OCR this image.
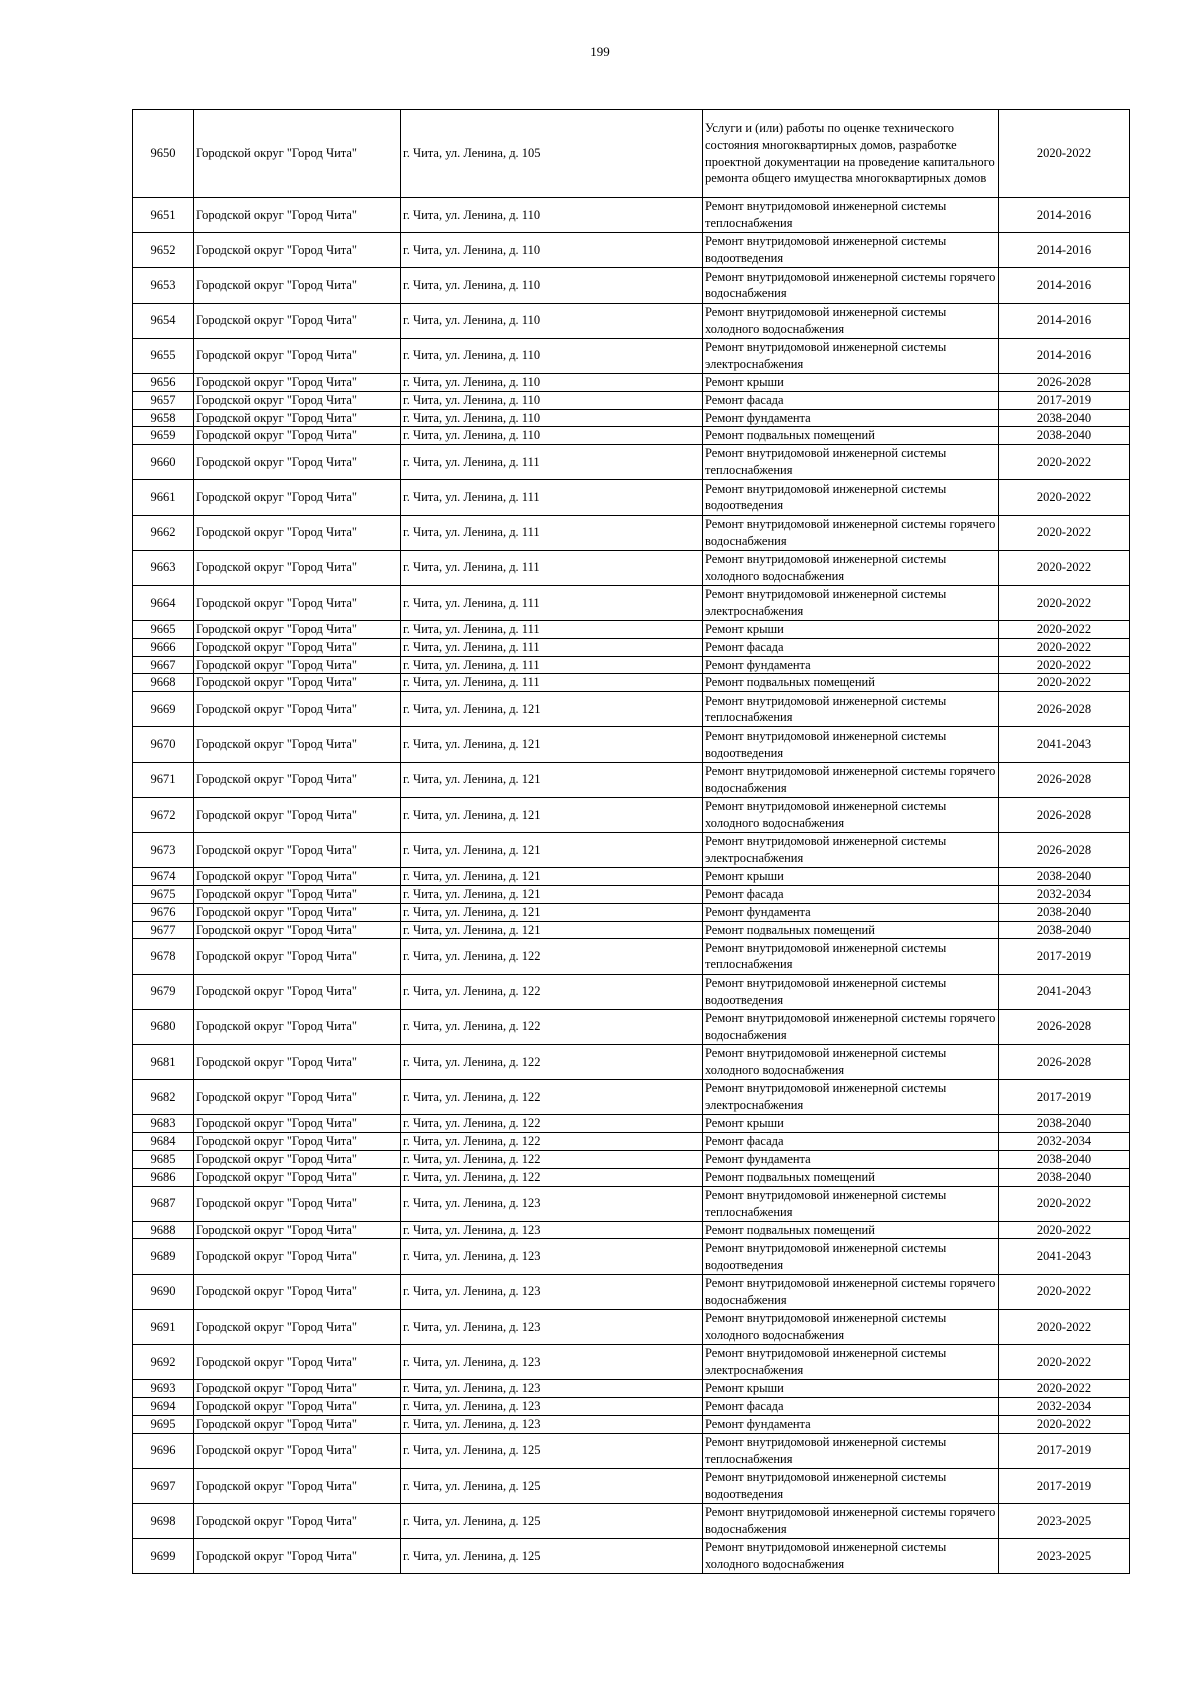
199
9650	Городской округ "Город Чита"	г. Чита, ул. Ленина, д. 105	Услуги и (или) работы по оценке технического состояния многоквартирных домов, разработке проектной документации на проведение капитального ремонта общего имущества многоквартирных домов	2020-2022
9651	Городской округ "Город Чита"	г. Чита, ул. Ленина, д. 110	Ремонт внутридомовой инженерной системы теплоснабжения	2014-2016
9652	Городской округ "Город Чита"	г. Чита, ул. Ленина, д. 110	Ремонт внутридомовой инженерной системы водоотведения	2014-2016
9653	Городской округ "Город Чита"	г. Чита, ул. Ленина, д. 110	Ремонт внутридомовой инженерной системы горячего водоснабжения	2014-2016
9654	Городской округ "Город Чита"	г. Чита, ул. Ленина, д. 110	Ремонт внутридомовой инженерной системы холодного водоснабжения	2014-2016
9655	Городской округ "Город Чита"	г. Чита, ул. Ленина, д. 110	Ремонт внутридомовой инженерной системы электроснабжения	2014-2016
9656	Городской округ "Город Чита"	г. Чита, ул. Ленина, д. 110	Ремонт крыши	2026-2028
9657	Городской округ "Город Чита"	г. Чита, ул. Ленина, д. 110	Ремонт фасада	2017-2019
9658	Городской округ "Город Чита"	г. Чита, ул. Ленина, д. 110	Ремонт фундамента	2038-2040
9659	Городской округ "Город Чита"	г. Чита, ул. Ленина, д. 110	Ремонт подвальных помещений	2038-2040
9660	Городской округ "Город Чита"	г. Чита, ул. Ленина, д. 111	Ремонт внутридомовой инженерной системы теплоснабжения	2020-2022
9661	Городской округ "Город Чита"	г. Чита, ул. Ленина, д. 111	Ремонт внутридомовой инженерной системы водоотведения	2020-2022
9662	Городской округ "Город Чита"	г. Чита, ул. Ленина, д. 111	Ремонт внутридомовой инженерной системы горячего водоснабжения	2020-2022
9663	Городской округ "Город Чита"	г. Чита, ул. Ленина, д. 111	Ремонт внутридомовой инженерной системы холодного водоснабжения	2020-2022
9664	Городской округ "Город Чита"	г. Чита, ул. Ленина, д. 111	Ремонт внутридомовой инженерной системы электроснабжения	2020-2022
9665	Городской округ "Город Чита"	г. Чита, ул. Ленина, д. 111	Ремонт крыши	2020-2022
9666	Городской округ "Город Чита"	г. Чита, ул. Ленина, д. 111	Ремонт фасада	2020-2022
9667	Городской округ "Город Чита"	г. Чита, ул. Ленина, д. 111	Ремонт фундамента	2020-2022
9668	Городской округ "Город Чита"	г. Чита, ул. Ленина, д. 111	Ремонт подвальных помещений	2020-2022
9669	Городской округ "Город Чита"	г. Чита, ул. Ленина, д. 121	Ремонт внутридомовой инженерной системы теплоснабжения	2026-2028
9670	Городской округ "Город Чита"	г. Чита, ул. Ленина, д. 121	Ремонт внутридомовой инженерной системы водоотведения	2041-2043
9671	Городской округ "Город Чита"	г. Чита, ул. Ленина, д. 121	Ремонт внутридомовой инженерной системы горячего водоснабжения	2026-2028
9672	Городской округ "Город Чита"	г. Чита, ул. Ленина, д. 121	Ремонт внутридомовой инженерной системы холодного водоснабжения	2026-2028
9673	Городской округ "Город Чита"	г. Чита, ул. Ленина, д. 121	Ремонт внутридомовой инженерной системы электроснабжения	2026-2028
9674	Городской округ "Город Чита"	г. Чита, ул. Ленина, д. 121	Ремонт крыши	2038-2040
9675	Городской округ "Город Чита"	г. Чита, ул. Ленина, д. 121	Ремонт фасада	2032-2034
9676	Городской округ "Город Чита"	г. Чита, ул. Ленина, д. 121	Ремонт фундамента	2038-2040
9677	Городской округ "Город Чита"	г. Чита, ул. Ленина, д. 121	Ремонт подвальных помещений	2038-2040
9678	Городской округ "Город Чита"	г. Чита, ул. Ленина, д. 122	Ремонт внутридомовой инженерной системы теплоснабжения	2017-2019
9679	Городской округ "Город Чита"	г. Чита, ул. Ленина, д. 122	Ремонт внутридомовой инженерной системы водоотведения	2041-2043
9680	Городской округ "Город Чита"	г. Чита, ул. Ленина, д. 122	Ремонт внутридомовой инженерной системы горячего водоснабжения	2026-2028
9681	Городской округ "Город Чита"	г. Чита, ул. Ленина, д. 122	Ремонт внутридомовой инженерной системы холодного водоснабжения	2026-2028
9682	Городской округ "Город Чита"	г. Чита, ул. Ленина, д. 122	Ремонт внутридомовой инженерной системы электроснабжения	2017-2019
9683	Городской округ "Город Чита"	г. Чита, ул. Ленина, д. 122	Ремонт крыши	2038-2040
9684	Городской округ "Город Чита"	г. Чита, ул. Ленина, д. 122	Ремонт фасада	2032-2034
9685	Городской округ "Город Чита"	г. Чита, ул. Ленина, д. 122	Ремонт фундамента	2038-2040
9686	Городской округ "Город Чита"	г. Чита, ул. Ленина, д. 122	Ремонт подвальных помещений	2038-2040
9687	Городской округ "Город Чита"	г. Чита, ул. Ленина, д. 123	Ремонт внутридомовой инженерной системы теплоснабжения	2020-2022
9688	Городской округ "Город Чита"	г. Чита, ул. Ленина, д. 123	Ремонт подвальных помещений	2020-2022
9689	Городской округ "Город Чита"	г. Чита, ул. Ленина, д. 123	Ремонт внутридомовой инженерной системы водоотведения	2041-2043
9690	Городской округ "Город Чита"	г. Чита, ул. Ленина, д. 123	Ремонт внутридомовой инженерной системы горячего водоснабжения	2020-2022
9691	Городской округ "Город Чита"	г. Чита, ул. Ленина, д. 123	Ремонт внутридомовой инженерной системы холодного водоснабжения	2020-2022
9692	Городской округ "Город Чита"	г. Чита, ул. Ленина, д. 123	Ремонт внутридомовой инженерной системы электроснабжения	2020-2022
9693	Городской округ "Город Чита"	г. Чита, ул. Ленина, д. 123	Ремонт крыши	2020-2022
9694	Городской округ "Город Чита"	г. Чита, ул. Ленина, д. 123	Ремонт фасада	2032-2034
9695	Городской округ "Город Чита"	г. Чита, ул. Ленина, д. 123	Ремонт фундамента	2020-2022
9696	Городской округ "Город Чита"	г. Чита, ул. Ленина, д. 125	Ремонт внутридомовой инженерной системы теплоснабжения	2017-2019
9697	Городской округ "Город Чита"	г. Чита, ул. Ленина, д. 125	Ремонт внутридомовой инженерной системы водоотведения	2017-2019
9698	Городской округ "Город Чита"	г. Чита, ул. Ленина, д. 125	Ремонт внутридомовой инженерной системы горячего водоснабжения	2023-2025
9699	Городской округ "Город Чита"	г. Чита, ул. Ленина, д. 125	Ремонт внутридомовой инженерной системы холодного водоснабжения	2023-2025
